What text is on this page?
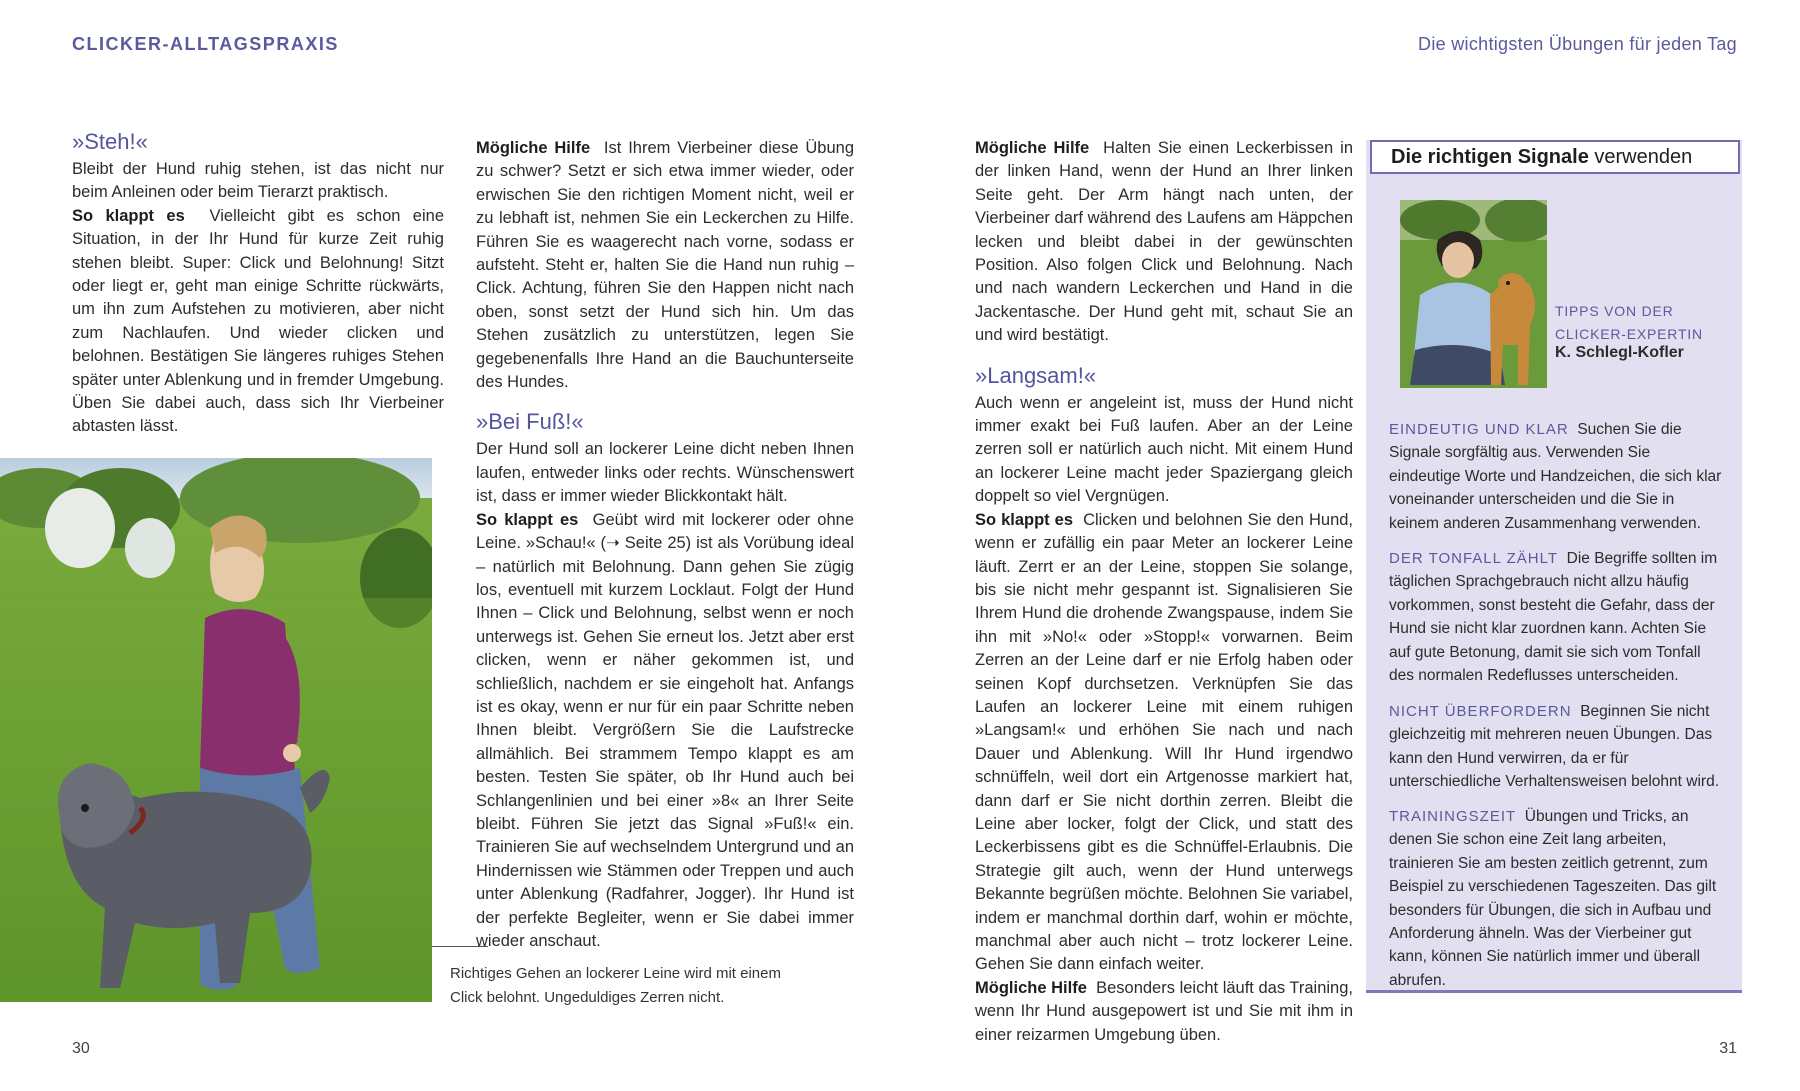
CLICKER-ALLTAGSPRAXIS	Die wichtigsten Übungen für jeden Tag
»Steh!«

Bleibt der Hund ruhig stehen, ist das nicht nur beim Anleinen oder beim Tierarzt praktisch.

So klappt es Vielleicht gibt es schon eine Situation, in der Ihr Hund für kurze Zeit ruhig stehen bleibt. Super: Click und Belohnung! Sitzt oder liegt er, geht man einige Schritte rückwärts, um ihn zum Aufstehen zu motivieren, aber nicht zum Nachlaufen. Und wieder clicken und belohnen. Bestätigen Sie längeres ruhiges Stehen später unter Ablenkung und in fremder Umgebung. Üben Sie dabei auch, dass sich Ihr Vierbeiner abtasten lässt.

Richtiges Gehen an lockerer Leine wird mit einem Click belohnt. Ungeduldiges Zerren nicht.

Mögliche Hilfe Ist Ihrem Vierbeiner diese Übung zu schwer? Setzt er sich etwa immer wieder, oder erwischen Sie den richtigen Moment nicht, weil er zu lebhaft ist, nehmen Sie ein Leckerchen zu Hilfe. Führen Sie es waagerecht nach vorne, sodass er aufsteht. Steht er, halten Sie die Hand nun ruhig – Click. Achtung, führen Sie den Happen nicht nach oben, sonst setzt der Hund sich hin. Um das Stehen zusätzlich zu unterstützen, legen Sie gegebenenfalls Ihre Hand an die Bauchunterseite des Hundes.

»Bei Fuß!«

Der Hund soll an lockerer Leine dicht neben Ihnen laufen, entweder links oder rechts. Wünschenswert ist, dass er immer wieder Blickkontakt hält.

So klappt es Geübt wird mit lockerer oder ohne Leine. »Schau!« (➝ Seite 25) ist als Vorübung ideal – natürlich mit Belohnung. Dann gehen Sie zügig los, eventuell mit kurzem Locklaut. Folgt der Hund Ihnen – Click und Belohnung, selbst wenn er noch unterwegs ist. Gehen Sie erneut los. Jetzt aber erst clicken, wenn er näher gekommen ist, und schließlich, nachdem er sie eingeholt hat. Anfangs ist es okay, wenn er nur für ein paar Schritte neben Ihnen bleibt. Vergrößern Sie die Laufstrecke allmählich. Bei strammem Tempo klappt es am besten. Testen Sie später, ob Ihr Hund auch bei Schlangenlinien und bei einer »8« an Ihrer Seite bleibt. Führen Sie jetzt das Signal »Fuß!« ein. Trainieren Sie auf wechselndem Untergrund und an Hindernissen wie Stämmen oder Treppen und auch unter Ablenkung (Radfahrer, Jogger). Ihr Hund ist der perfekte Begleiter, wenn er Sie dabei immer wieder anschaut.

Mögliche Hilfe Halten Sie einen Leckerbissen in der linken Hand, wenn der Hund an Ihrer linken Seite geht. Der Arm hängt nach unten, der Vierbeiner darf während des Laufens am Häppchen lecken und bleibt dabei in der gewünschten Position. Also folgen Click und Belohnung. Nach und nach wandern Leckerchen und Hand in die Jackentasche. Der Hund geht mit, schaut Sie an und wird bestätigt.

»Langsam!«

Auch wenn er angeleint ist, muss der Hund nicht immer exakt bei Fuß laufen. Aber an der Leine zerren soll er natürlich auch nicht. Mit einem Hund an lockerer Leine macht jeder Spaziergang gleich doppelt so viel Vergnügen.

So klappt es Clicken und belohnen Sie den Hund, wenn er zufällig ein paar Meter an lockerer Leine läuft. Zerrt er an der Leine, stoppen Sie solange, bis sie nicht mehr gespannt ist. Signalisieren Sie Ihrem Hund die drohende Zwangspause, indem Sie ihn mit »No!« oder »Stopp!« vorwarnen. Beim Zerren an der Leine darf er nie Erfolg haben oder seinen Kopf durchsetzen. Verknüpfen Sie das Laufen an lockerer Leine mit einem ruhigen »Langsam!« und erhöhen Sie nach und nach Dauer und Ablenkung. Will Ihr Hund irgendwo schnüffeln, weil dort ein Artgenosse markiert hat, dann darf er Sie nicht dorthin zerren. Bleibt die Leine aber locker, folgt der Click, und statt des Leckerbissens gibt es die Schnüffel-Erlaubnis. Die Strategie gilt auch, wenn der Hund unterwegs Bekannte begrüßen möchte. Belohnen Sie variabel, indem er manchmal dorthin darf, wohin er möchte, manchmal aber auch nicht – trotz lockerer Leine. Gehen Sie dann einfach weiter.

Mögliche Hilfe Besonders leicht läuft das Training, wenn Ihr Hund ausgepowert ist und Sie mit ihm in einer reizarmen Umgebung üben.

Die richtigen Signale verwenden
TIPPS VON DER
CLICKER-EXPERTIN
K. Schlegl-Kofler
EINDEUTIG UND KLAR Suchen Sie die Signale sorgfältig aus. Verwenden Sie eindeutige Worte und Handzeichen, die sich klar voneinander unterscheiden und die Sie in keinem anderen Zusammenhang verwenden.
DER TONFALL ZÄHLT Die Begriffe sollten im täglichen Sprachgebrauch nicht allzu häufig vorkommen, sonst besteht die Gefahr, dass der Hund sie nicht klar zuordnen kann. Achten Sie auf gute Betonung, damit sie sich vom Tonfall des normalen Redeflusses unterscheiden.
NICHT ÜBERFORDERN Beginnen Sie nicht gleichzeitig mit mehreren neuen Übungen. Das kann den Hund verwirren, da er für unterschiedliche Verhaltensweisen belohnt wird.
TRAININGSZEIT Übungen und Tricks, an denen Sie schon eine Zeit lang arbeiten, trainieren Sie am besten zeitlich getrennt, zum Beispiel zu verschiedenen Tageszeiten. Das gilt besonders für Übungen, die sich in Aufbau und Anforderung ähneln. Was der Vierbeiner gut kann, können Sie natürlich immer und überall abrufen.
30	31
